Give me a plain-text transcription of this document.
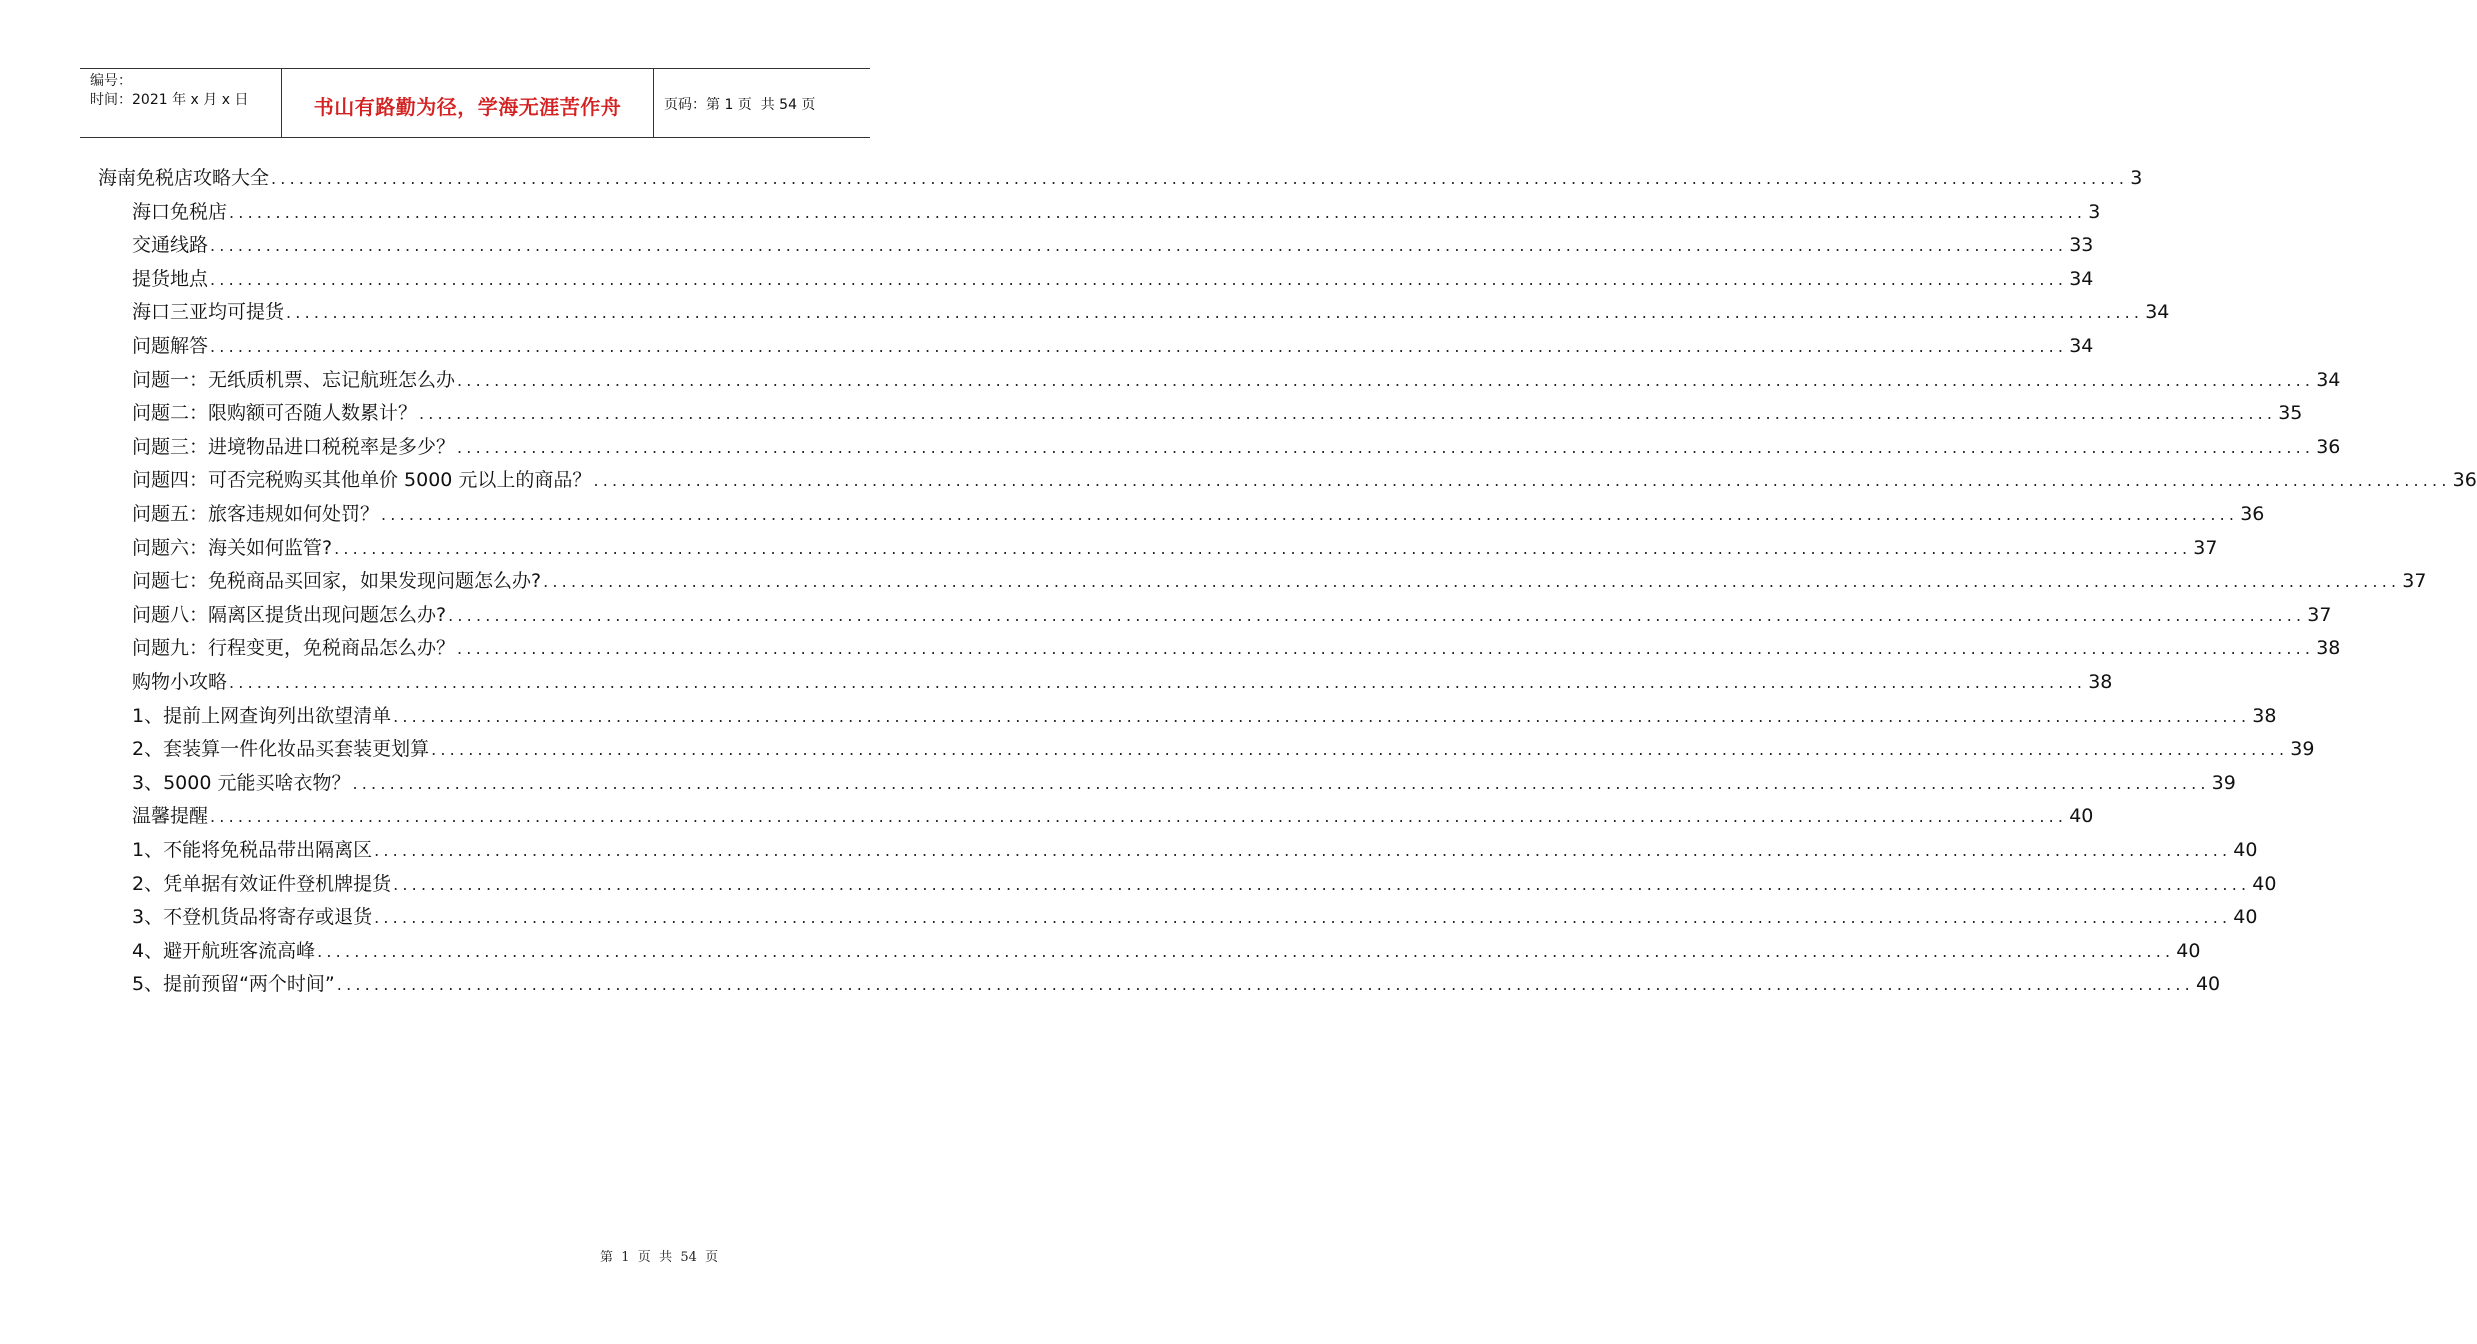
编号：
时间：2021 年 x 月 x 日	书山有路勤为径，学海无涯苦作舟	页码：第 1 页  共 54 页
海南免税店攻略大全 ........................................................................................................................................................................................................ 3
海口免税店 ........................................................................................................................................................................................................ 3
交通线路 ........................................................................................................................................................................................................ 33
提货地点 ........................................................................................................................................................................................................ 34
海口三亚均可提货 ........................................................................................................................................................................................................ 34
问题解答 ........................................................................................................................................................................................................ 34
问题一：无纸质机票、忘记航班怎么办 ........................................................................................................................................................................................................ 34
问题二：限购额可否随人数累计？ ........................................................................................................................................................................................................ 35
问题三：进境物品进口税税率是多少？ ........................................................................................................................................................................................................ 36
问题四：可否完税购买其他单价 5000 元以上的商品？ ........................................................................................................................................................................................................ 36
问题五：旅客违规如何处罚？ ........................................................................................................................................................................................................ 36
问题六：海关如何监管? ........................................................................................................................................................................................................ 37
问题七：免税商品买回家，如果发现问题怎么办? ........................................................................................................................................................................................................ 37
问题八：隔离区提货出现问题怎么办? ........................................................................................................................................................................................................ 37
问题九：行程变更，免税商品怎么办？ ........................................................................................................................................................................................................ 38
购物小攻略 ........................................................................................................................................................................................................ 38
1、提前上网查询列出欲望清单 ........................................................................................................................................................................................................ 38
2、套装算一件化妆品买套装更划算 ........................................................................................................................................................................................................ 39
3、5000 元能买啥衣物？ ........................................................................................................................................................................................................ 39
温馨提醒 ........................................................................................................................................................................................................ 40
1、不能将免税品带出隔离区 ........................................................................................................................................................................................................ 40
2、凭单据有效证件登机牌提货 ........................................................................................................................................................................................................ 40
3、不登机货品将寄存或退货 ........................................................................................................................................................................................................ 40
4、避开航班客流高峰 ........................................................................................................................................................................................................ 40
5、提前预留“两个时间” ........................................................................................................................................................................................................ 40
第  1  页  共  54  页
